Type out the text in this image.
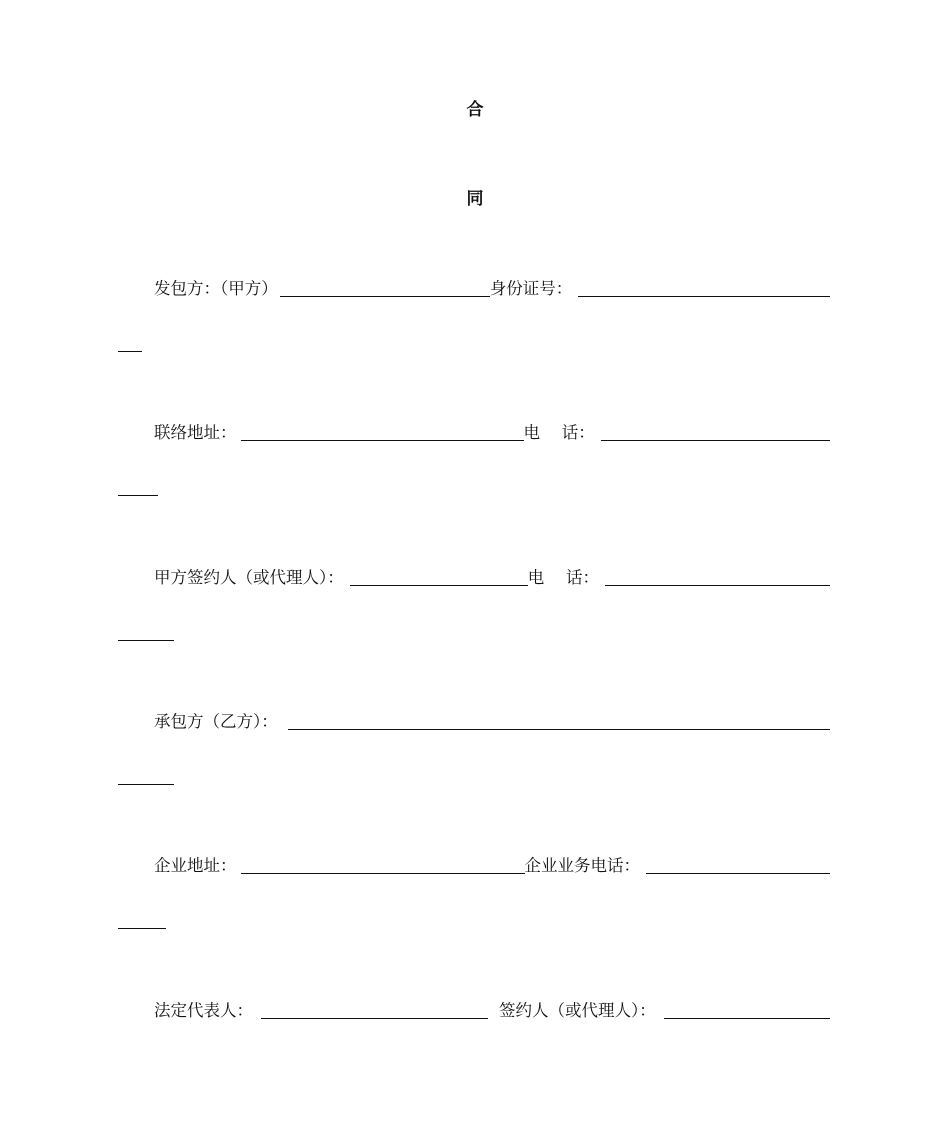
合
同
发包方：（甲方）	身份证号：
联络地址：	电　 话：
甲方签约人（或代理人）：	电　 话：
承包方（乙方）：
企业地址：	企业业务电话：
法定代表人：	签约人（或代理人）：
